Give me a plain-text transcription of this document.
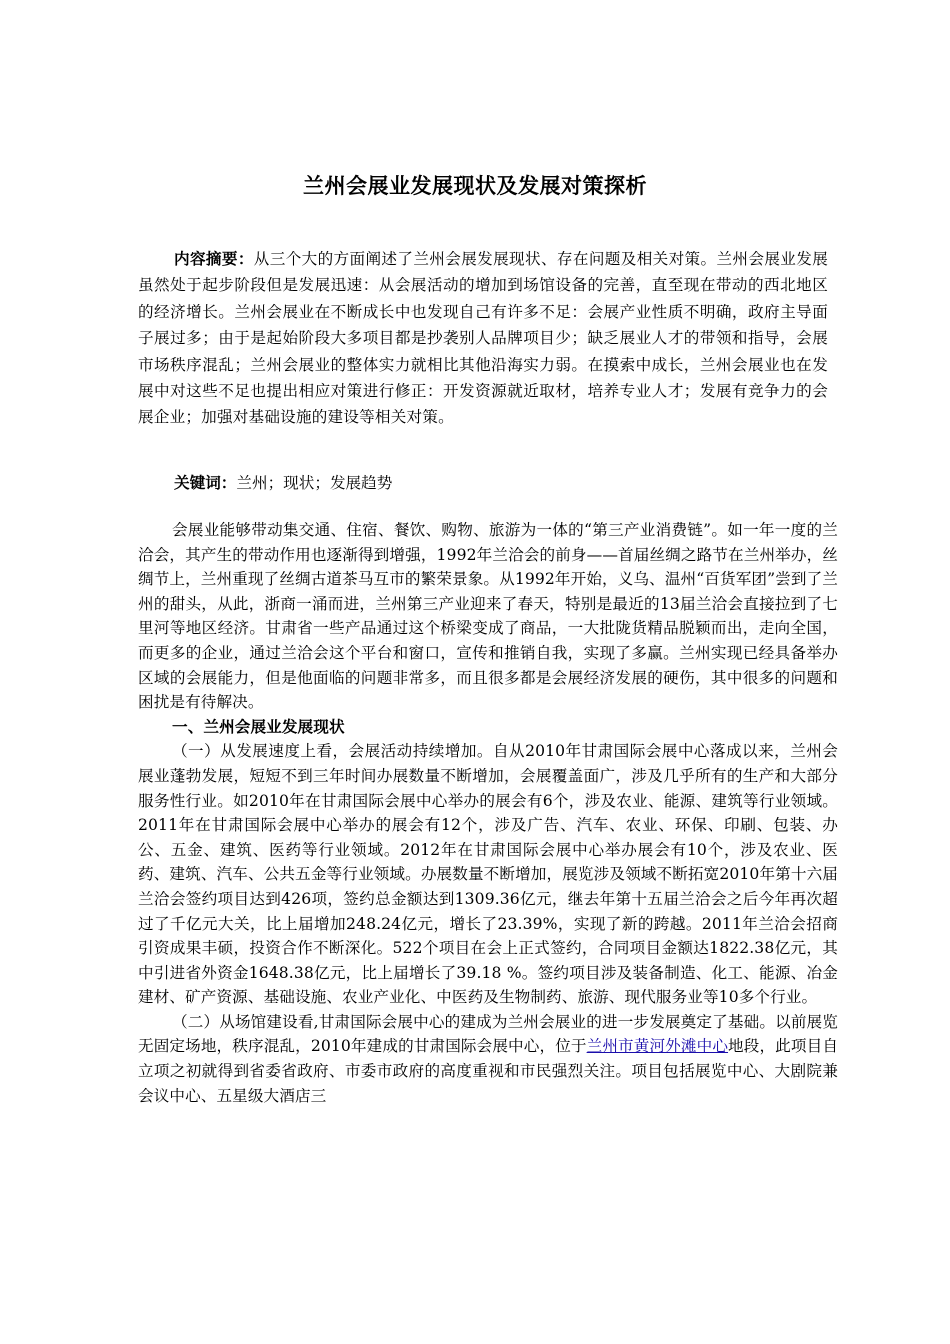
兰州会展业发展现状及发展对策探析
内容摘要：从三个大的方面阐述了兰州会展发展现状、存在问题及相关对策。兰州会展业发展虽然处于起步阶段但是发展迅速：从会展活动的增加到场馆设备的完善，直至现在带动的西北地区的经济增长。兰州会展业在不断成长中也发现自己有许多不足：会展产业性质不明确，政府主导面子展过多；由于是起始阶段大多项目都是抄袭别人品牌项目少；缺乏展业人才的带领和指导，会展市场秩序混乱；兰州会展业的整体实力就相比其他沿海实力弱。在摸索中成长，兰州会展业也在发展中对这些不足也提出相应对策进行修正：开发资源就近取材，培养专业人才；发展有竞争力的会展企业；加强对基础设施的建设等相关对策。
关键词：兰州；现状；发展趋势

会展业能够带动集交通、住宿、餐饮、购物、旅游为一体的“第三产业消费链”。如一年一度的兰洽会，其产生的带动作用也逐渐得到增强，1992年兰洽会的前身——首届丝绸之路节在兰州举办，丝绸节上，兰州重现了丝绸古道茶马互市的繁荣景象。从1992年开始，义乌、温州“百货军团”尝到了兰州的甜头，从此，浙商一涌而进，兰州第三产业迎来了春天，特别是最近的13届兰洽会直接拉到了七里河等地区经济。甘肃省一些产品通过这个桥梁变成了商品，一大批陇货精品脱颖而出，走向全国，而更多的企业，通过兰洽会这个平台和窗口，宣传和推销自我，实现了多赢。兰州实现已经具备举办区域的会展能力，但是他面临的问题非常多，而且很多都是会展经济发展的硬伤，其中很多的问题和困扰是有待解决。

一、兰州会展业发展现状

（一）从发展速度上看，会展活动持续增加。自从2010年甘肃国际会展中心落成以来，兰州会展业蓬勃发展，短短不到三年时间办展数量不断增加，会展覆盖面广，涉及几乎所有的生产和大部分服务性行业。如2010年在甘肃国际会展中心举办的展会有6个，涉及农业、能源、建筑等行业领域。2011年在甘肃国际会展中心举办的展会有12个，涉及广告、汽车、农业、环保、印刷、包装、办公、五金、建筑、医药等行业领域。2012年在甘肃国际会展中心举办展会有10个，涉及农业、医药、建筑、汽车、公共五金等行业领域。办展数量不断增加，展览涉及领域不断拓宽2010年第十六届兰洽会签约项目达到426项，签约总金额达到1309.36亿元，继去年第十五届兰洽会之后今年再次超过了千亿元大关，比上届增加248.24亿元，增长了23.39%，实现了新的跨越。2011年兰洽会招商引资成果丰硕，投资合作不断深化。522个项目在会上正式签约，合同项目金额达1822.38亿元，其中引进省外资金1648.38亿元，比上届增长了39.18 %。签约项目涉及装备制造、化工、能源、冶金建材、矿产资源、基础设施、农业产业化、中医药及生物制药、旅游、现代服务业等10多个行业。

（二）从场馆建设看,甘肃国际会展中心的建成为兰州会展业的进一步发展奠定了基础。以前展览无固定场地，秩序混乱，2010年建成的甘肃国际会展中心，位于兰州市黄河外滩中心地段，此项目自立项之初就得到省委省政府、市委市政府的高度重视和市民强烈关注。项目包括展览中心、大剧院兼会议中心、五星级大酒店三
